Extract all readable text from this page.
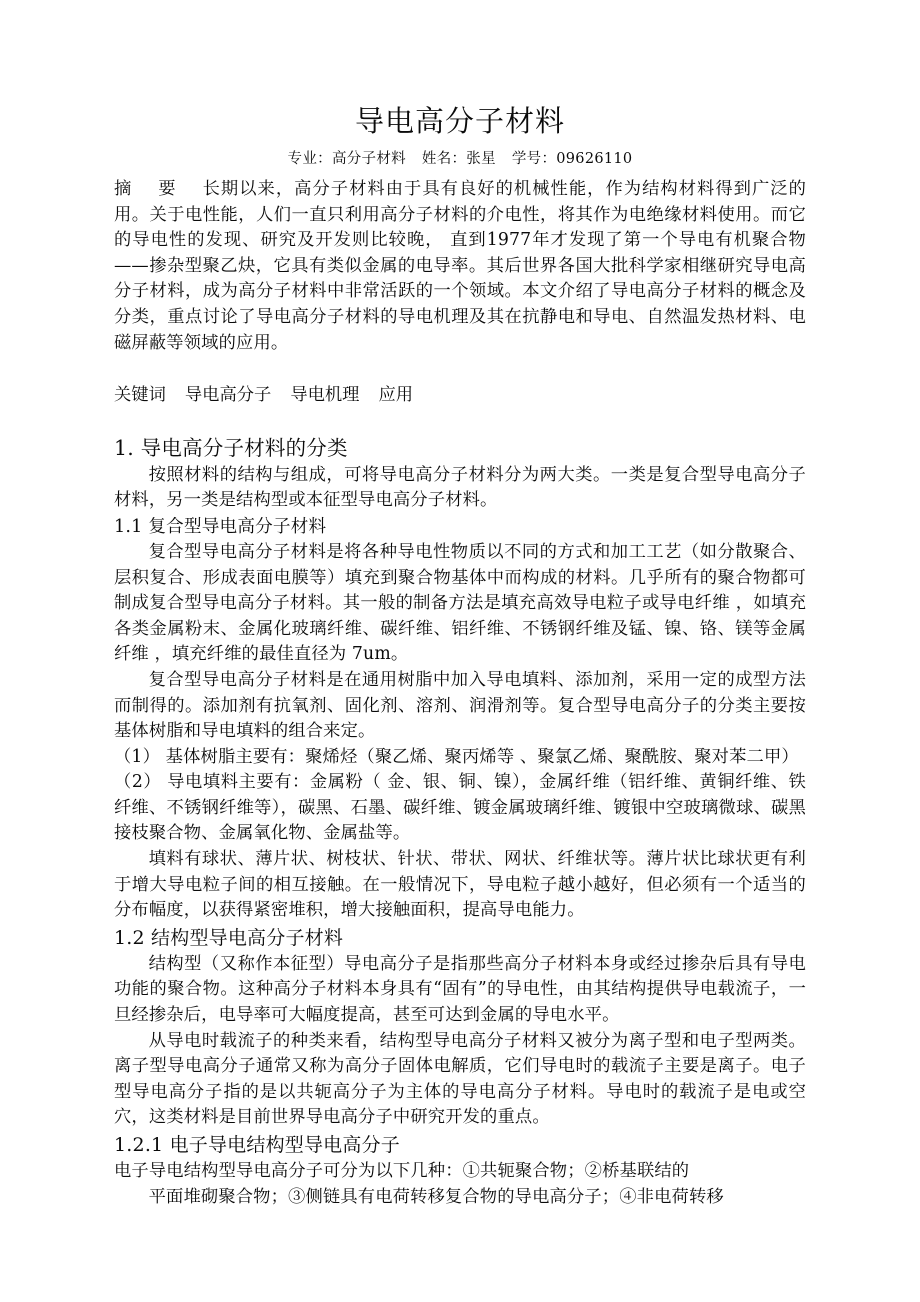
导电高分子材料

专业：高分子材料 姓名：张星 学号：09626110

摘 要 长期以来，高分子材料由于具有良好的机械性能，作为结构材料得到广泛的用。关于电性能，人们一直只利用高分子材料的介电性，将其作为电绝缘材料使用。而它的导电性的发现、研究及开发则比较晚， 直到1977年才发现了第一个导电有机聚合物——掺杂型聚乙炔，它具有类似金属的电导率。其后世界各国大批科学家相继研究导电高分子材料，成为高分子材料中非常活跃的一个领域。本文介绍了导电高分子材料的概念及分类，重点讨论了导电高分子材料的导电机理及其在抗静电和导电、自然温发热材料、电磁屏蔽等领域的应用。

关键词 导电高分子 导电机理 应用

1. 导电高分子材料的分类

按照材料的结构与组成，可将导电高分子材料分为两大类。一类是复合型导电高分子材料，另一类是结构型或本征型导电高分子材料。

1.1 复合型导电高分子材料

复合型导电高分子材料是将各种导电性物质以不同的方式和加工工艺（如分散聚合、层积复合、形成表面电膜等）填充到聚合物基体中而构成的材料。几乎所有的聚合物都可制成复合型导电高分子材料。其一般的制备方法是填充高效导电粒子或导电纤维 ，如填充各类金属粉末、金属化玻璃纤维、碳纤维、铝纤维、不锈钢纤维及锰、镍、铬、镁等金属纤维 ，填充纤维的最佳直径为 7um。

复合型导电高分子材料是在通用树脂中加入导电填料、添加剂，采用一定的成型方法而制得的。添加剂有抗氧剂、固化剂、溶剂、润滑剂等。复合型导电高分子的分类主要按基体树脂和导电填料的组合来定。

（1） 基体树脂主要有：聚烯烃（聚乙烯、聚丙烯等 、聚氯乙烯、聚酰胺、聚对苯二甲）

（2） 导电填料主要有：金属粉（ 金、银、铜、镍），金属纤维（铝纤维、黄铜纤维、铁纤维、不锈钢纤维等），碳黑、石墨、碳纤维、镀金属玻璃纤维、镀银中空玻璃微球、碳黑接枝聚合物、金属氧化物、金属盐等。

填料有球状、薄片状、树枝状、针状、带状、网状、纤维状等。薄片状比球状更有利于增大导电粒子间的相互接触。在一般情况下，导电粒子越小越好，但必须有一个适当的分布幅度，以获得紧密堆积，增大接触面积，提高导电能力。

1.2 结构型导电高分子材料

结构型（又称作本征型）导电高分子是指那些高分子材料本身或经过掺杂后具有导电功能的聚合物。这种高分子材料本身具有“固有”的导电性，由其结构提供导电载流子，一旦经掺杂后，电导率可大幅度提高，甚至可达到金属的导电水平。

从导电时载流子的种类来看，结构型导电高分子材料又被分为离子型和电子型两类。离子型导电高分子通常又称为高分子固体电解质，它们导电时的载流子主要是离子。电子型导电高分子指的是以共轭高分子为主体的导电高分子材料。导电时的载流子是电或空穴，这类材料是目前世界导电高分子中研究开发的重点。

1.2.1 电子导电结构型导电高分子

电子导电结构型导电高分子可分为以下几种：①共轭聚合物；②桥基联结的

平面堆砌聚合物；③侧链具有电荷转移复合物的导电高分子；④非电荷转移
